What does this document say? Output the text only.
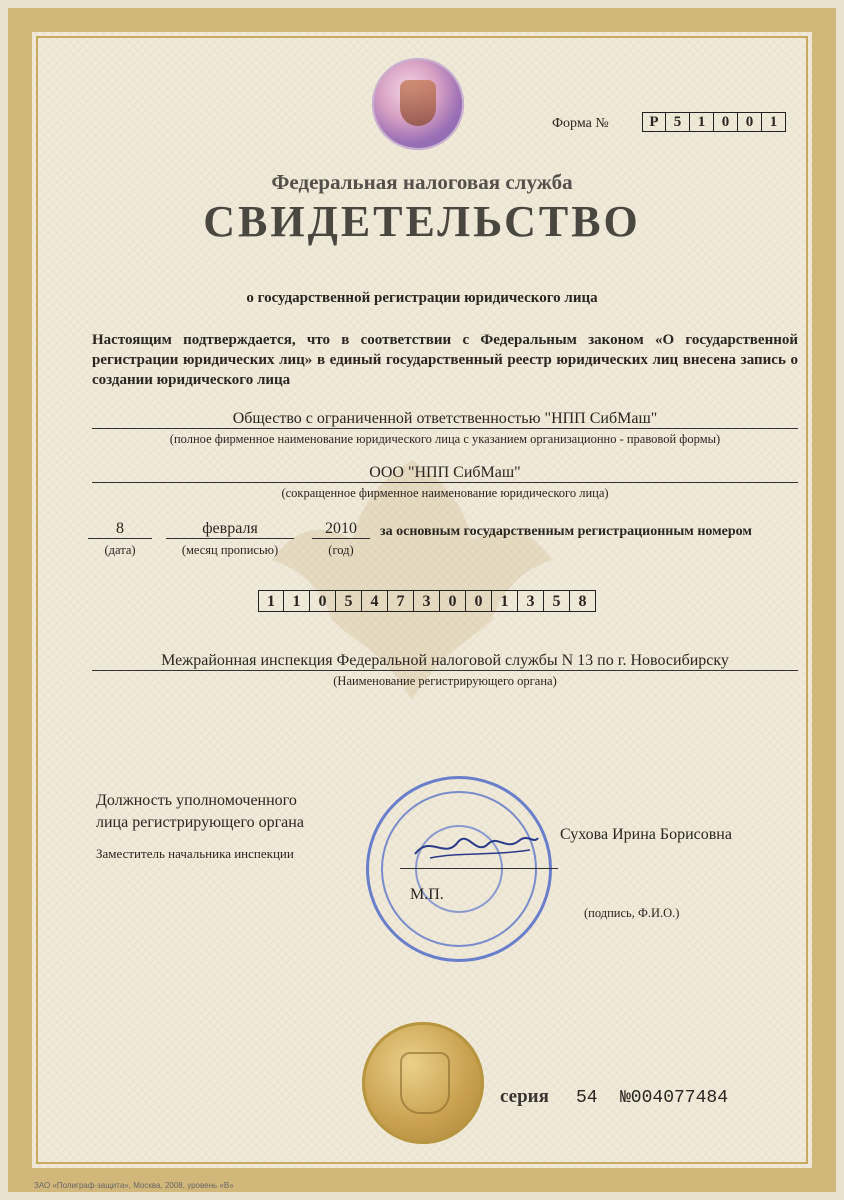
Форма №	Р	5	1	0	0	1
Федеральная налоговая служба
СВИДЕТЕЛЬСТВО
о государственной регистрации юридического лица
Настоящим подтверждается, что в соответствии с Федеральным законом «О государственной регистрации юридических лиц» в единый государственный реестр юридических лиц внесена запись о создании юридического лица
Общество с ограниченной ответственностью "НПП СибМаш"
(полное фирменное наименование юридического лица с указанием организационно - правовой формы)
ООО "НПП СибМаш"
(сокращенное фирменное наименование юридического лица)
8
(дата)
февраля
(месяц прописью)
2010
(год)
за основным государственным регистрационным номером
1	1	0	5	4	7	3	0	0	1	3	5	8
Межрайонная инспекция Федеральной налоговой службы N 13 по г. Новосибирску
(Наименование регистрирующего органа)
Должность уполномоченного
лица регистрирующего органа
Заместитель начальника инспекции
Сухова Ирина Борисовна
М.П.
(подпись, Ф.И.О.)
серия 54 №004077484
ЗАО «Полиграф-защита», Москва, 2008, уровень «В»
